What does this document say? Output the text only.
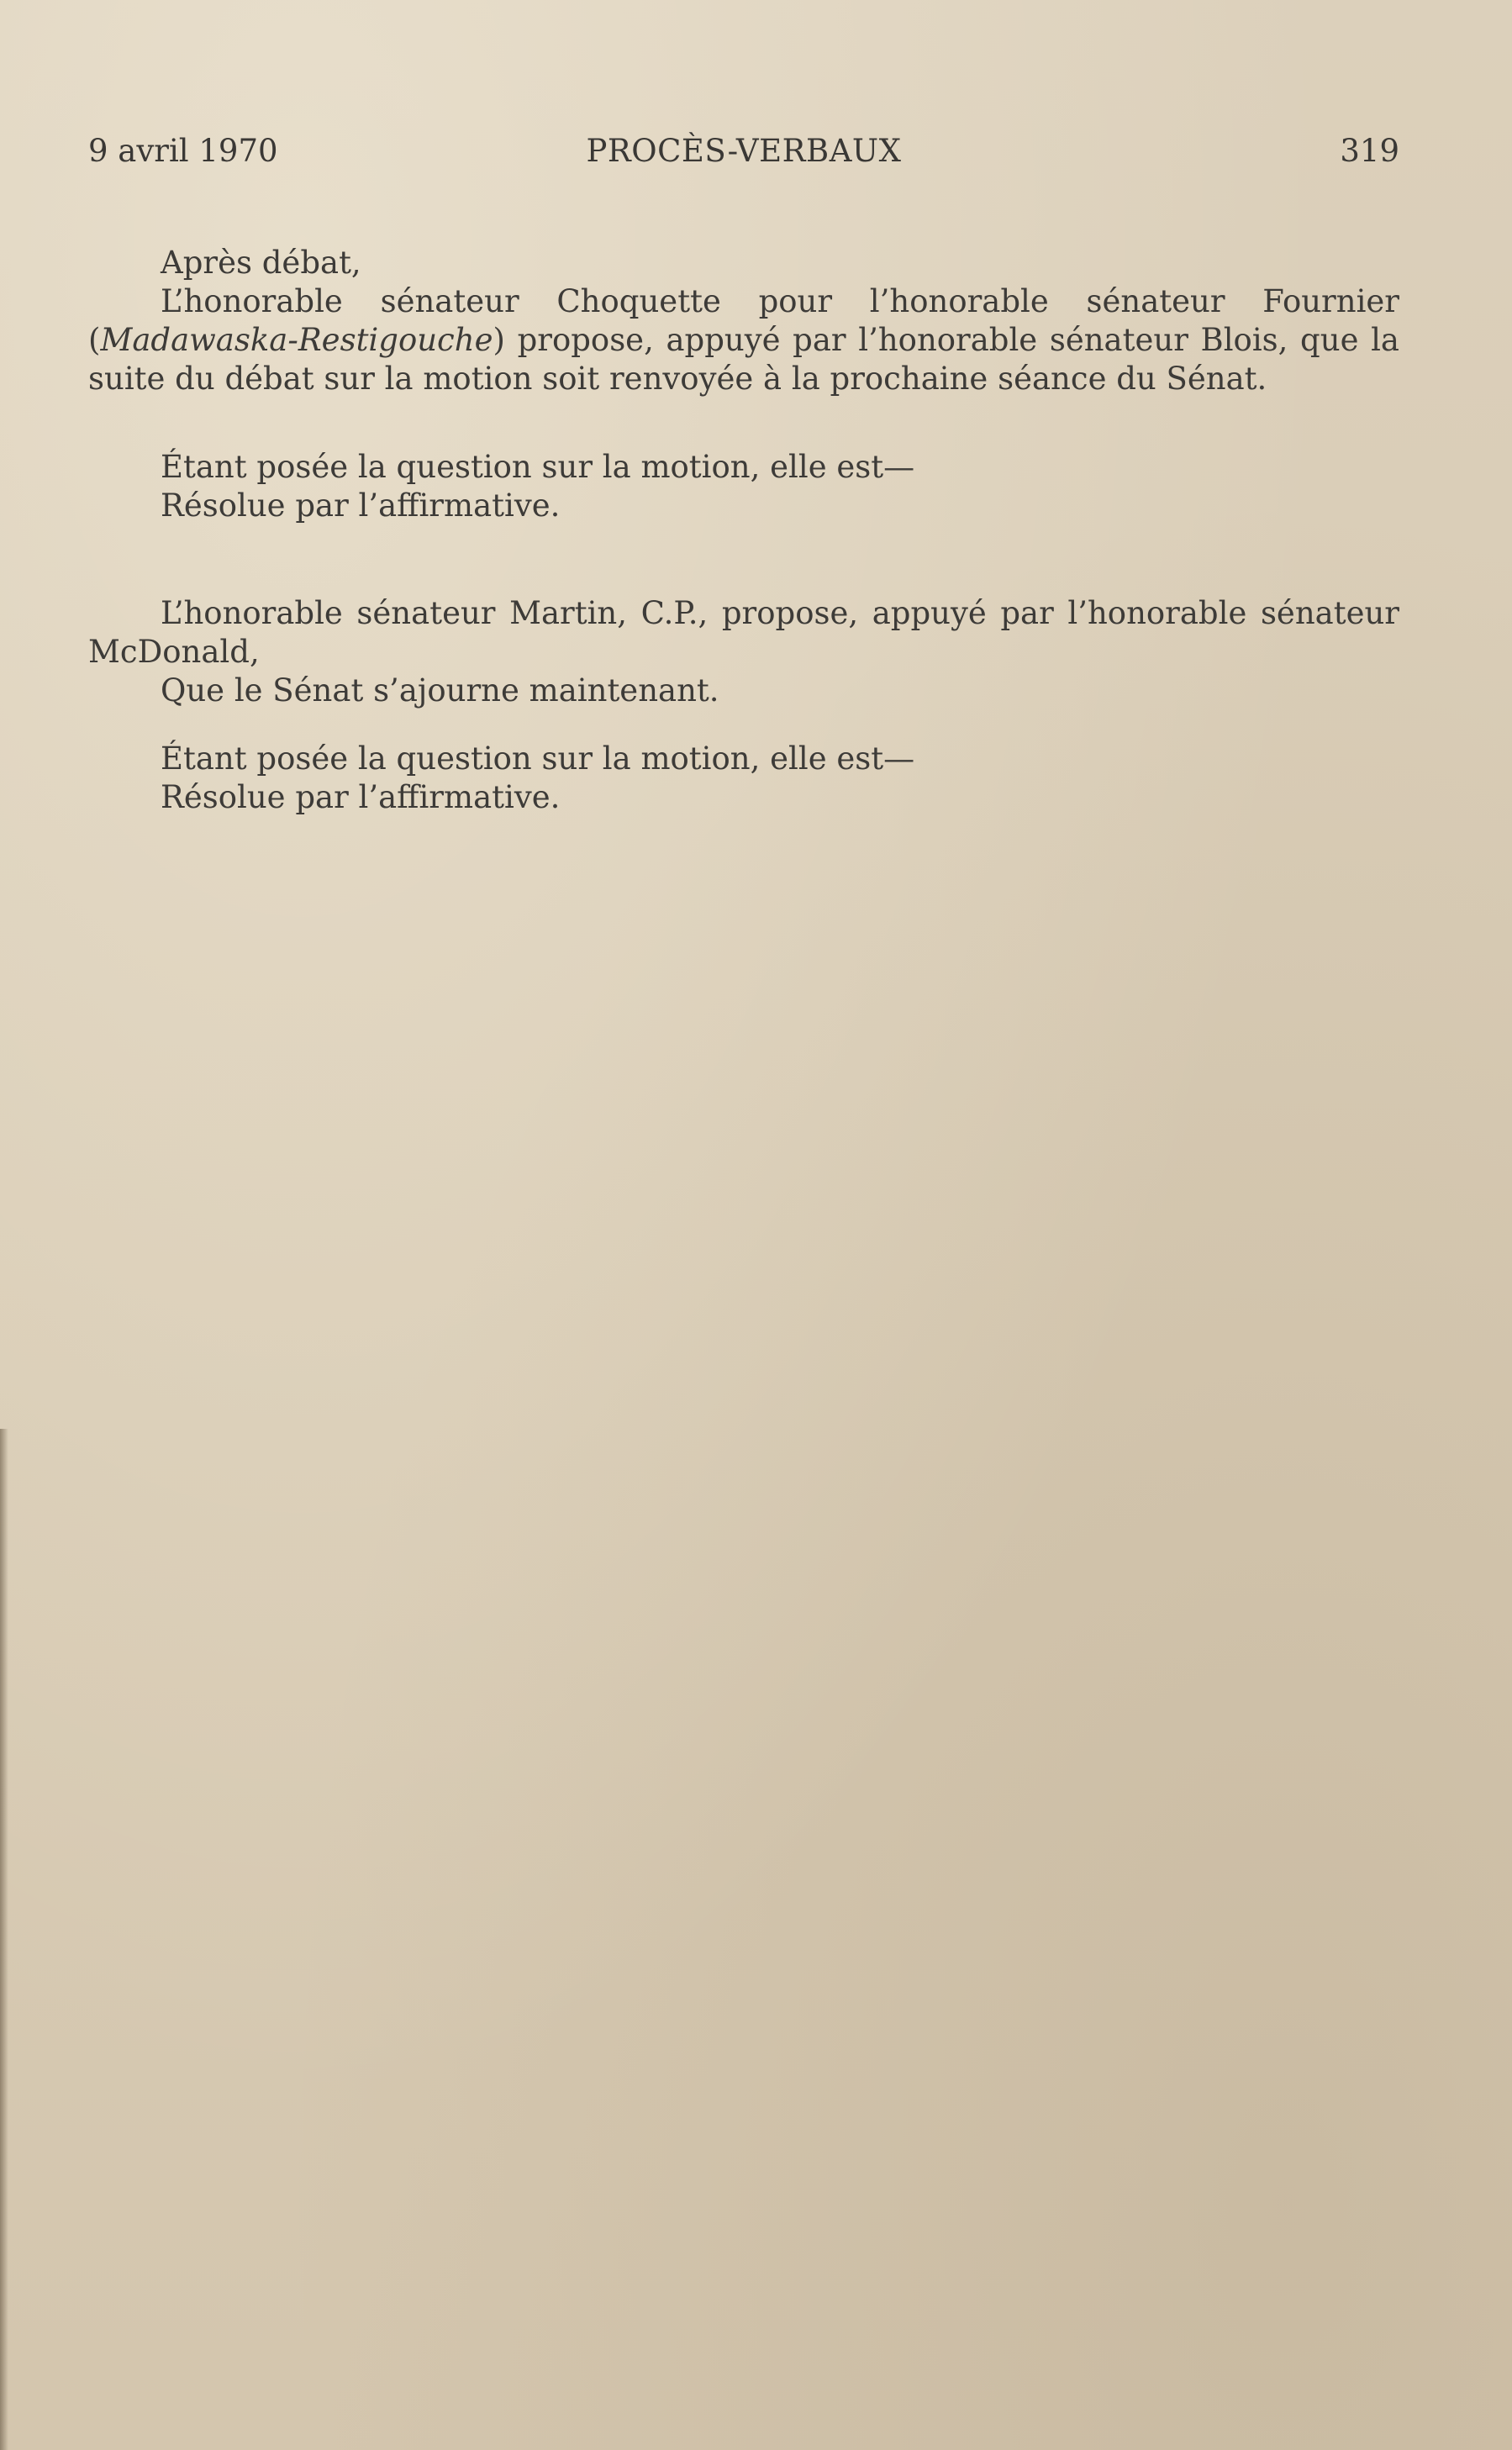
9 avril 1970	PROCÈS-VERBAUX	319

Après débat,

L’honorable sénateur Choquette pour l’honorable sénateur Fournier (Madawaska-Restigouche) propose, appuyé par l’honorable sénateur Blois, que la suite du débat sur la motion soit renvoyée à la prochaine séance du Sénat.

Étant posée la question sur la motion, elle est—

Résolue par l’affirmative.

L’honorable sénateur Martin, C.P., propose, appuyé par l’honorable sénateur McDonald,

Que le Sénat s’ajourne maintenant.

Étant posée la question sur la motion, elle est—

Résolue par l’affirmative.
